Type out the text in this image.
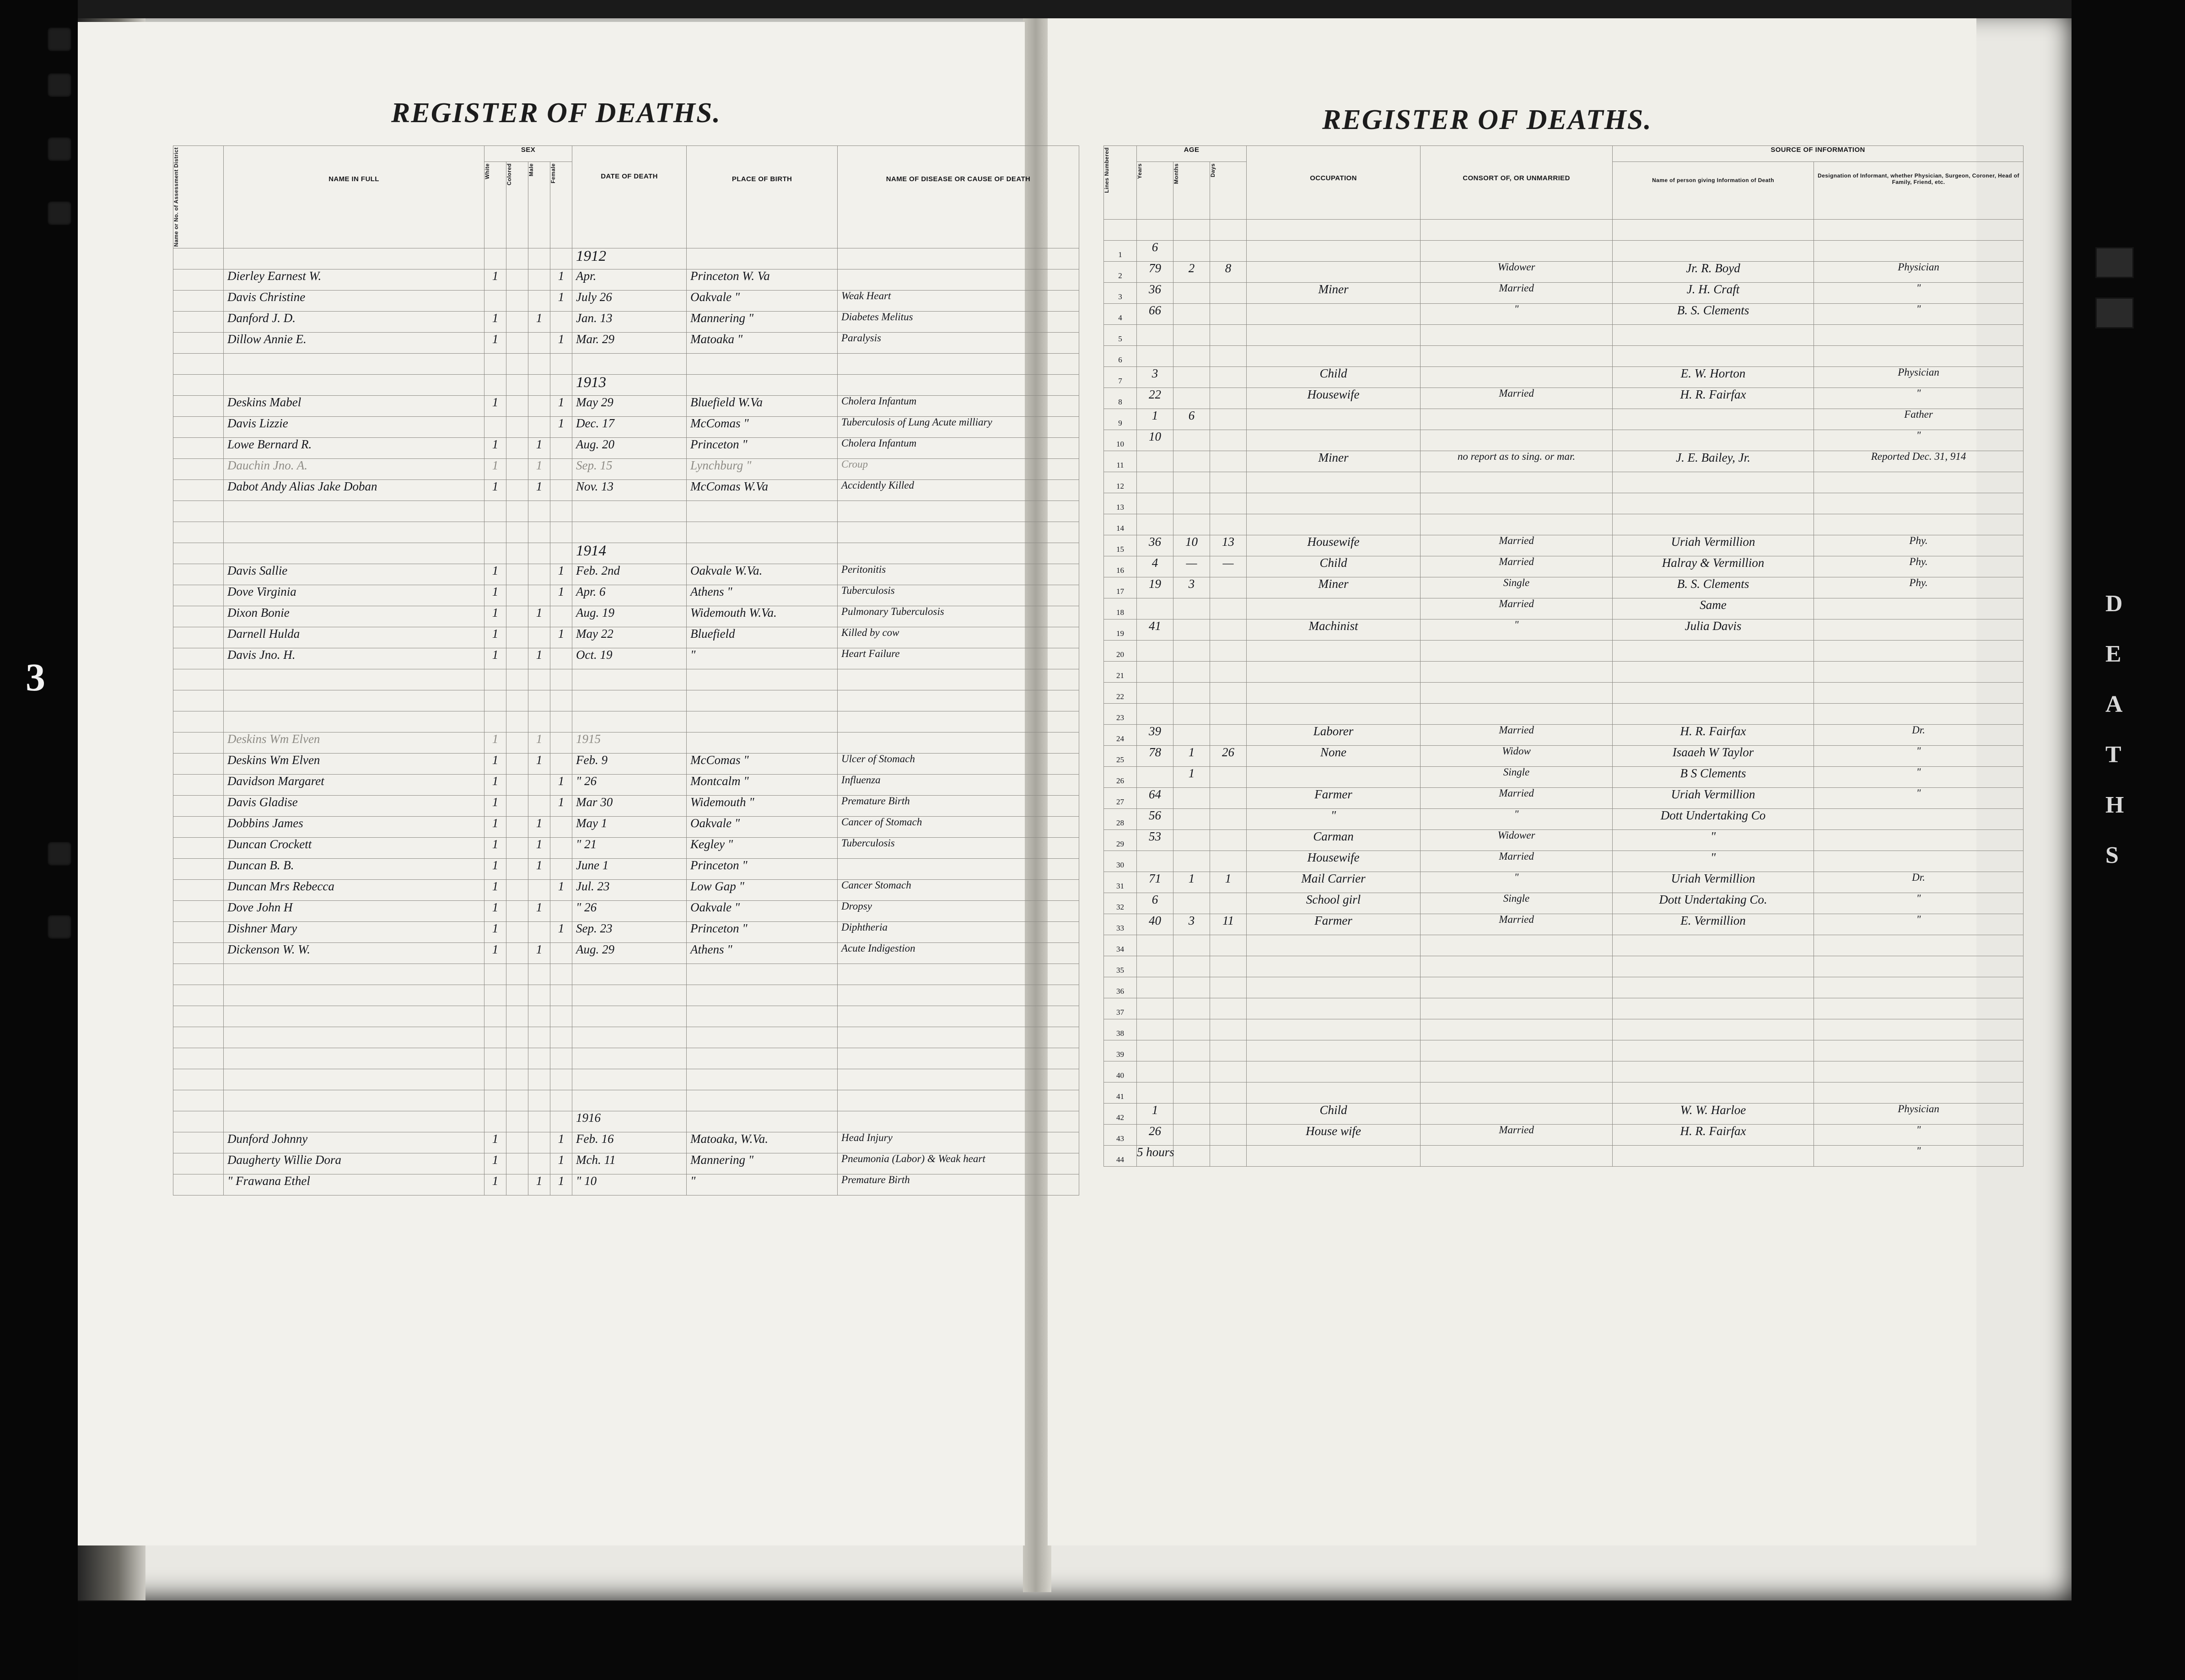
3
D
E
A
T
H
S
REGISTER OF DEATHS.	REGISTER OF DEATHS.
Name or No. of Assessment District	NAME IN FULL	SEX				DATE OF DEATH	PLACE OF BIRTH	NAME OF DISEASE OR CAUSE OF DEATH

		White	Colored	Male	Female			

						1912		

	Dierley Earnest W.	1			1	Apr.	Princeton W. Va	

	Davis Christine				1	July 26	Oakvale "	Weak Heart

	Danford J. D.	1		1		Jan. 13	Mannering "	Diabetes Melitus

	Dillow Annie E.	1			1	Mar. 29	Matoaka "	Paralysis

						1913		

	Deskins Mabel	1			1	May 29	Bluefield W.Va	Cholera Infantum

	Davis Lizzie				1	Dec. 17	McComas "	Tuberculosis of Lung Acute milliary

	Lowe Bernard R.	1		1		Aug. 20	Princeton "	Cholera Infantum

	Dauchin Jno. A.	1		1		Sep. 15	Lynchburg "	Croup

	Dabot Andy Alias Jake Doban	1		1		Nov. 13	McComas W.Va	Accidently Killed

						1914		

	Davis Sallie	1			1	Feb. 2nd	Oakvale W.Va.	Peritonitis

	Dove Virginia	1			1	Apr. 6	Athens "	Tuberculosis

	Dixon Bonie	1		1		Aug. 19	Widemouth W.Va.	Pulmonary Tuberculosis

	Darnell Hulda	1			1	May 22	Bluefield	Killed by cow

	Davis Jno. H.	1		1		Oct. 19	"	Heart Failure

	Deskins Wm Elven	1		1		1915		

	Deskins Wm Elven	1		1		Feb. 9	McComas "	Ulcer of Stomach

	Davidson Margaret	1			1	" 26	Montcalm "	Influenza

	Davis Gladise	1			1	Mar 30	Widemouth "	Premature Birth

	Dobbins James	1		1		May 1	Oakvale "	Cancer of Stomach

	Duncan Crockett	1		1		" 21	Kegley "	Tuberculosis

	Duncan B. B.	1		1		June 1	Princeton "	

	Duncan Mrs Rebecca	1			1	Jul. 23	Low Gap "	Cancer Stomach

	Dove John H	1		1		" 26	Oakvale "	Dropsy

	Dishner Mary	1			1	Sep. 23	Princeton "	Diphtheria

	Dickenson W. W.	1		1		Aug. 29	Athens "	Acute Indigestion

						1916		

	Dunford Johnny	1			1	Feb. 16	Matoaka, W.Va.	Head Injury

	Daugherty Willie Dora	1			1	Mch. 11	Mannering "	Pneumonia (Labor) & Weak heart

	" Frawana Ethel	1		1	1	" 10	"	Premature Birth
Lines Numbered	AGE			OCCUPATION	CONSORT OF, OR UNMARRIED	SOURCE OF INFORMATION	

	Years	Months	Days			Name of person giving Information of Death	Designation of Informant, whether Physician, Surgeon, Coroner, Head of Family, Friend, etc.

1	6						

2	79	2	8		Widower	Jr. R. Boyd	Physician

3	36			Miner	Married	J. H. Craft	"

4	66				"	B. S. Clements	"

5							

6							

7	3			Child		E. W. Horton	Physician

8	22			Housewife	Married	H. R. Fairfax	"

9	1	6					Father

10	10						"

11				Miner	no report as to sing. or mar.	J. E. Bailey, Jr.	Reported Dec. 31, 914

12							

13							

14							

15	36	10	13	Housewife	Married	Uriah Vermillion	Phy.

16	4	—	—	Child	Married	Halray & Vermillion	Phy.

17	19	3		Miner	Single	B. S. Clements	Phy.

18					Married	Same	

19	41			Machinist	"	Julia Davis	

20							

21							

22							

23							

24	39			Laborer	Married	H. R. Fairfax	Dr.

25	78	1	26	None	Widow	Isaaeh W Taylor	"

26		1			Single	B S Clements	"

27	64			Farmer	Married	Uriah Vermillion	"

28	56			"	"	Dott Undertaking Co	

29	53			Carman	Widower	"	

30				Housewife	Married	"	

31	71	1	1	Mail Carrier	"	Uriah Vermillion	Dr.

32	6			School girl	Single	Dott Undertaking Co.	"

33	40	3	11	Farmer	Married	E. Vermillion	"

34							

35							

36							

37							

38							

39							

40							

41							

42	1			Child		W. W. Harloe	Physician

43	26			House wife	Married	H. R. Fairfax	"

44	5 hours						"
